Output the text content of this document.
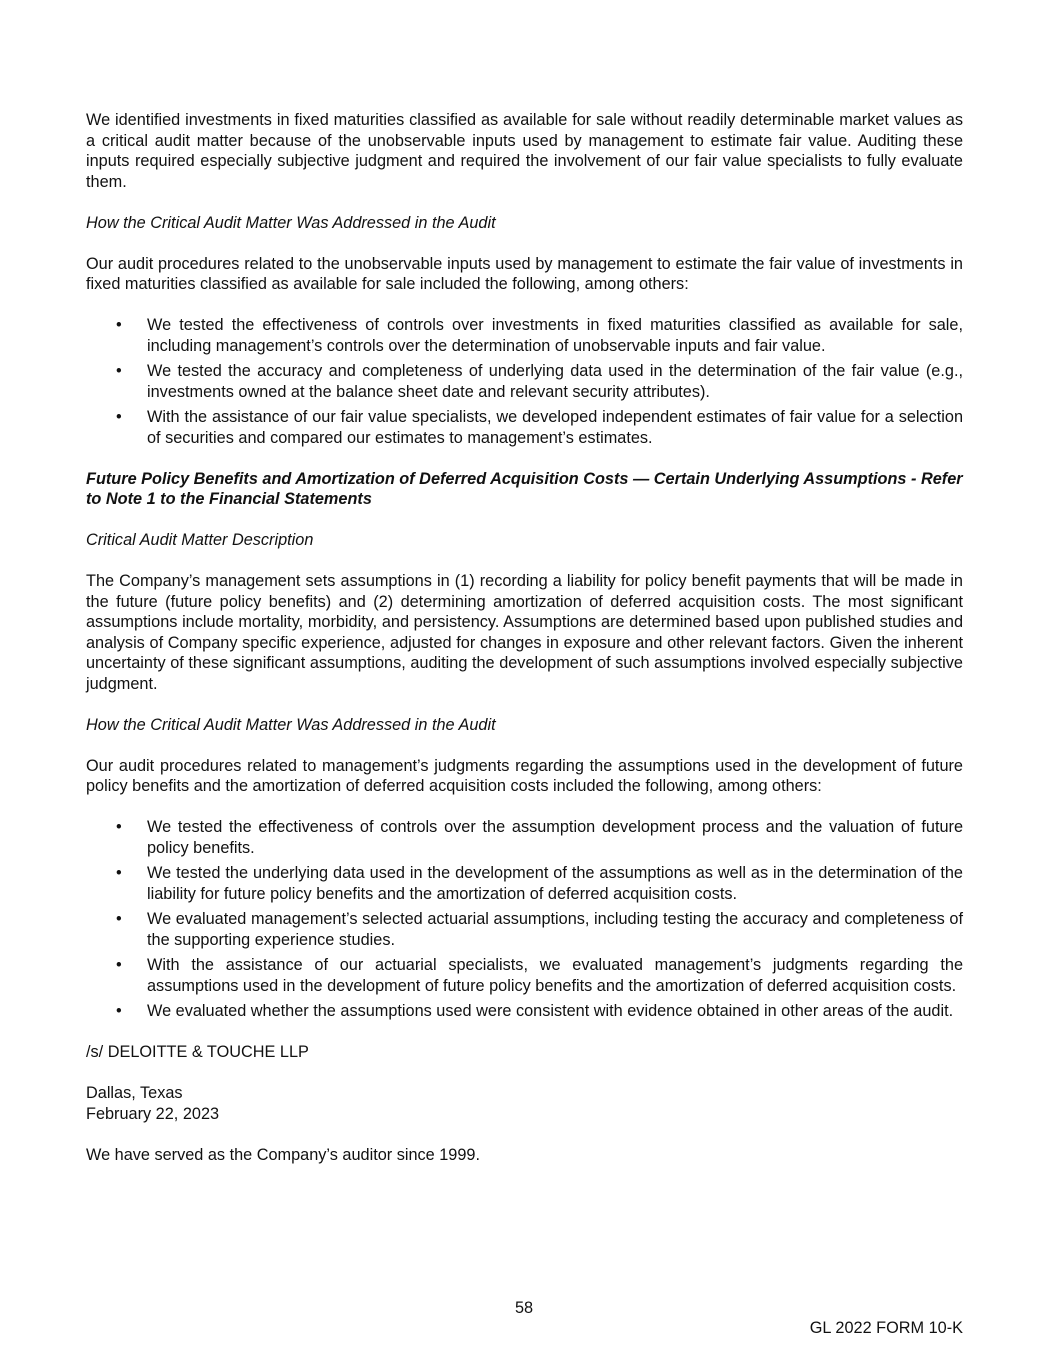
We identified investments in fixed maturities classified as available for sale without readily determinable market values as a critical audit matter because of the unobservable inputs used by management to estimate fair value. Auditing these inputs required especially subjective judgment and required the involvement of our fair value specialists to fully evaluate them.

How the Critical Audit Matter Was Addressed in the Audit

Our audit procedures related to the unobservable inputs used by management to estimate the fair value of investments in fixed maturities classified as available for sale included the following, among others:

• We tested the effectiveness of controls over investments in fixed maturities classified as available for sale, including management’s controls over the determination of unobservable inputs and fair value.
• We tested the accuracy and completeness of underlying data used in the determination of the fair value (e.g., investments owned at the balance sheet date and relevant security attributes).
• With the assistance of our fair value specialists, we developed independent estimates of fair value for a selection of securities and compared our estimates to management’s estimates.

Future Policy Benefits and Amortization of Deferred Acquisition Costs — Certain Underlying Assumptions - Refer to Note 1 to the Financial Statements

Critical Audit Matter Description

The Company’s management sets assumptions in (1) recording a liability for policy benefit payments that will be made in the future (future policy benefits) and (2) determining amortization of deferred acquisition costs. The most significant assumptions include mortality, morbidity, and persistency. Assumptions are determined based upon published studies and analysis of Company specific experience, adjusted for changes in exposure and other relevant factors. Given the inherent uncertainty of these significant assumptions, auditing the development of such assumptions involved especially subjective judgment.

How the Critical Audit Matter Was Addressed in the Audit

Our audit procedures related to management’s judgments regarding the assumptions used in the development of future policy benefits and the amortization of deferred acquisition costs included the following, among others:

• We tested the effectiveness of controls over the assumption development process and the valuation of future policy benefits.
• We tested the underlying data used in the development of the assumptions as well as in the determination of the liability for future policy benefits and the amortization of deferred acquisition costs.
• We evaluated management’s selected actuarial assumptions, including testing the accuracy and completeness of the supporting experience studies.
• With the assistance of our actuarial specialists, we evaluated management’s judgments regarding the assumptions used in the development of future policy benefits and the amortization of deferred acquisition costs.
• We evaluated whether the assumptions used were consistent with evidence obtained in other areas of the audit.

/s/ DELOITTE & TOUCHE LLP

Dallas, Texas

February 22, 2023

We have served as the Company’s auditor since 1999.

58
GL 2022 FORM 10-K
